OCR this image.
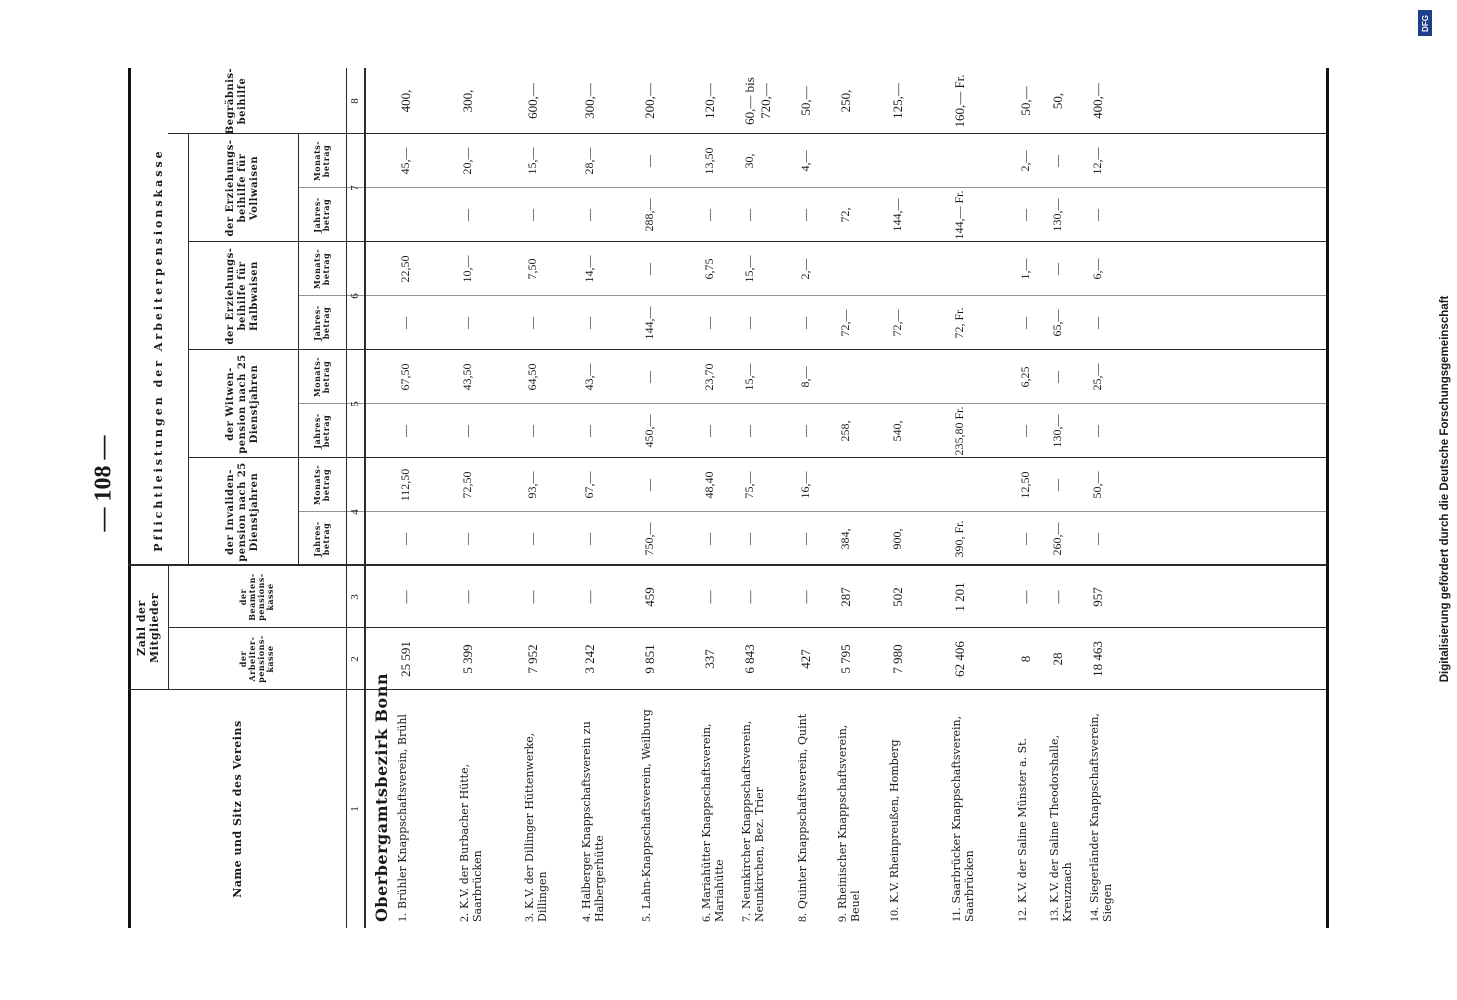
— 108 —
Name und Sitz des Vereins
Zahl der Mitglieder	der Arbeiter-pensions-kasse
der Beamten-pensions-kasse
Pflichtleistungen der Arbeiterpensionskasse	der Invaliden-pension nach 25 Dienstjahren
der Witwen-pension nach 25 Dienstjahren
der Erziehungs-beihilfe für Halbwaisen
der Erziehungs-beihilfe für Vollwaisen
Begräbnis-beihilfe
Jahres-betrag
Monats-betrag
Jahres-betrag
Monats-betrag
Jahres-betrag
Monats-betrag
Jahres-betrag
Monats-betrag
1
2
3
4
5
6
7
8
Oberbergamtsbezirk Bonn 1.Brühler Knappschaftsverein, Brühl
25 591
—
—
112,50
—
67,50
—
22,50
45,—
400,
2.K.V. der Burbacher Hütte, Saarbrücken
5 399
—
—
72,50
—
43,50
—
10,—
—
20,—
300,
3.K.V. der Dillinger Hüttenwerke, Dillingen
7 952
—
—
93,—
—
64,50
—
7,50
—
15,—
600,—
4.Halberger Knappschaftsverein zu Halbergerhütte
3 242
—
—
67,—
—
43,—
—
14,—
—
28,—
300,—
5.Lahn-Knappschaftsverein, Weilburg
9 851
459
750,—
—
450,—
—
144,—
—
288,—
—
200,—
6.Mariahütter Knappschaftsverein, Mariahütte
337
—
—
48,40
—
23,70
—
6,75
—
13,50
120,—
7.Neunkircher Knappschaftsverein, Neunkirchen, Bez. Trier
6 843
—
—
75,—
—
15,—
—
15,—
—
30,
60,— bis 720,—
8.Quinter Knappschaftsverein, Quint
427
—
—
16,—
—
8,—
—
2,—
—
4,—
50,—
9.Rheinischer Knappschaftsverein, Beuel
5 795
287
384,
258,
72,—
72,
250,
10.K.V. Rheinpreußen, Homberg
7 980
502
900,
540,
72,—
144,—
125,—
11.Saarbrücker Knappschaftsverein, Saarbrücken
62 406
1 201
390, Fr.
235,80 Fr.
72, Fr.
144,— Fr.
160,— Fr.
12.K.V. der Saline Münster a. St.
8
—
—
12,50
—
6,25
—
1,—
—
2,—
50,—
13.K.V. der Saline Theodorshalle, Kreuznach
28
—
260,—
—
130,—
—
65,—
—
130,—
—
50,
14.Siegerländer Knappschaftsverein, Siegen
18 463
957
—
50,—
—
25,—
—
6,—
—
12,—
400,—
Digitalisierung gefördert durch die Deutsche Forschungsgemeinschaft
DFG
